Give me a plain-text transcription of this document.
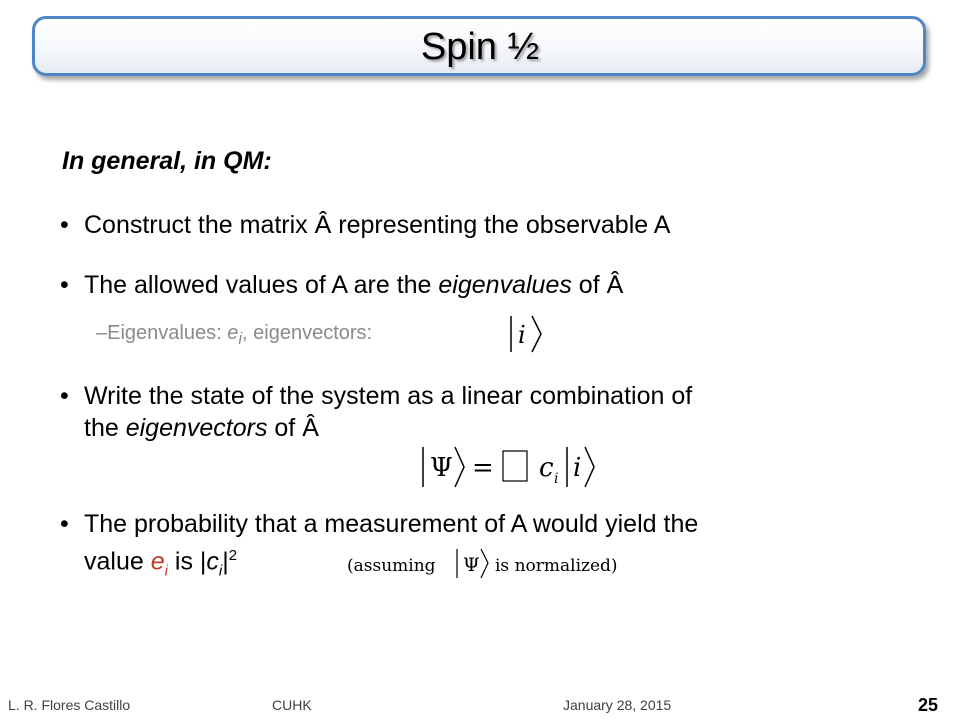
Spin ½
In general, in QM:
• Construct the matrix Â representing the observable A
• The allowed values of A are the eigenvalues of Â
–Eigenvalues: $e_i$, eigenvectors:	i
• Write the state of the system as a linear combination of
the eigenvectors of Â
Ψ = c i i
• The probability that a measurement of A would yield the
value $e_i$ is $|c_i|^2$
(assuming Ψ is normalized)
L. R. Flores Castillo	CUHK	January 28, 2015	25
